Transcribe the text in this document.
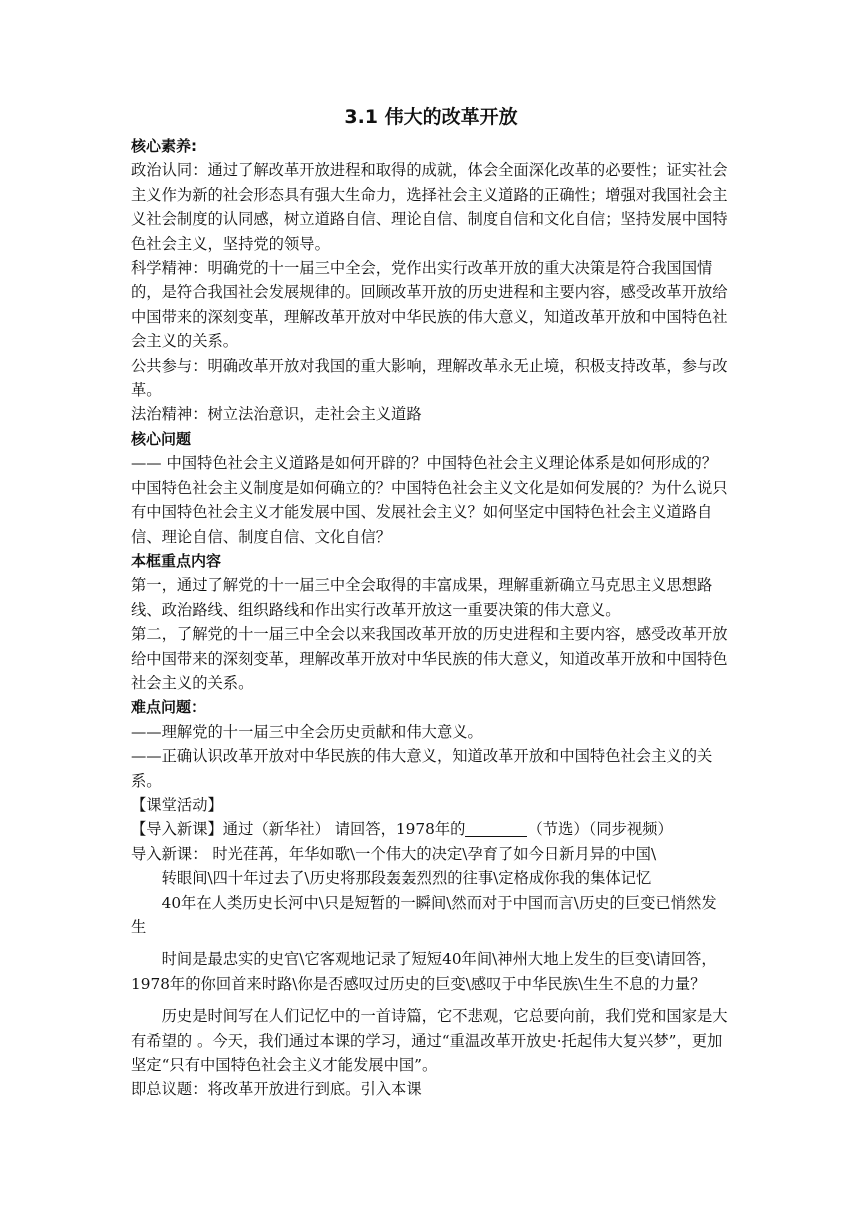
3.1 伟大的改革开放

核心素养:

政治认同：通过了解改革开放进程和取得的成就，体会全面深化改革的必要性；证实社会主义作为新的社会形态具有强大生命力，选择社会主义道路的正确性；增强对我国社会主义社会制度的认同感，树立道路自信、理论自信、制度自信和文化自信；坚持发展中国特色社会主义，坚持党的领导。

科学精神：明确党的十一届三中全会，党作出实行改革开放的重大决策是符合我国国情的，是符合我国社会发展规律的。回顾改革开放的历史进程和主要内容，感受改革开放给中国带来的深刻变革，理解改革开放对中华民族的伟大意义，知道改革开放和中国特色社会主义的关系。

公共参与：明确改革开放对我国的重大影响，理解改革永无止境，积极支持改革，参与改革。

法治精神：树立法治意识，走社会主义道路

核心问题

—— 中国特色社会主义道路是如何开辟的？中国特色社会主义理论体系是如何形成的？中国特色社会主义制度是如何确立的？中国特色社会主义文化是如何发展的？为什么说只有中国特色社会主义才能发展中国、发展社会主义？如何坚定中国特色社会主义道路自信、理论自信、制度自信、文化自信？

本框重点内容

第一，通过了解党的十一届三中全会取得的丰富成果，理解重新确立马克思主义思想路线、政治路线、组织路线和作出实行改革开放这一重要决策的伟大意义。

第二，了解党的十一届三中全会以来我国改革开放的历史进程和主要内容，感受改革开放给中国带来的深刻变革，理解改革开放对中华民族的伟大意义，知道改革开放和中国特色社会主义的关系。

难点问题：

——理解党的十一届三中全会历史贡献和伟大意义。

——正确认识改革开放对中华民族的伟大意义，知道改革开放和中国特色社会主义的关系。

【课堂活动】

【导入新课】通过（新华社） 请回答，1978年的	（节选）（同步视频）

导入新课： 时光荏苒，年华如歌\一个伟大的决定\孕育了如今日新月异的中国\

转眼间\四十年过去了\历史将那段轰轰烈烈的往事\定格成你我的集体记忆

40年在人类历史长河中\只是短暂的一瞬间\然而对于中国而言\历史的巨变已悄然发生

时间是最忠实的史官\它客观地记录了短短40年间\神州大地上发生的巨变\请回答，1978年的你回首来时路\你是否感叹过历史的巨变\感叹于中华民族\生生不息的力量？

历史是时间写在人们记忆中的一首诗篇，它不悲观，它总要向前，我们党和国家是大有希望的 。今天，我们通过本课的学习，通过“重温改革开放史·托起伟大复兴梦”，更加坚定“只有中国特色社会主义才能发展中国”。

即总议题：将改革开放进行到底。引入本课
